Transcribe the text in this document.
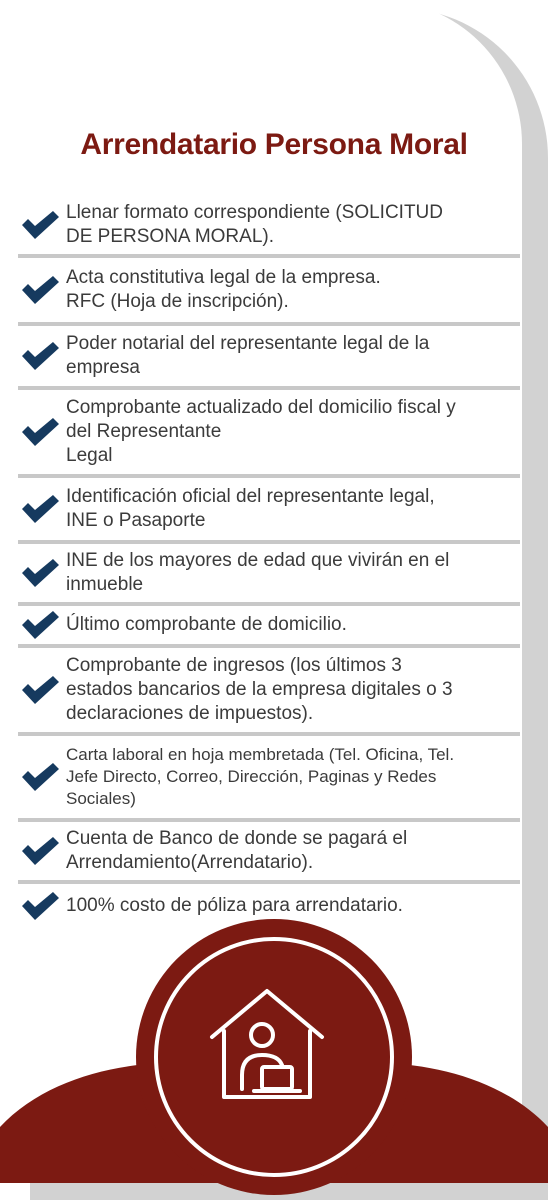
Arrendatario Persona Moral
Llenar formato correspondiente (SOLICITUD
DE PERSONA MORAL).
Acta constitutiva legal de la empresa.
RFC (Hoja de inscripción).
Poder notarial del representante legal de la
empresa
Comprobante actualizado del domicilio fiscal y
del Representante
Legal
Identificación oficial del representante legal,
INE o Pasaporte
INE de los mayores de edad que vivirán en el
inmueble
Último comprobante de domicilio.
Comprobante de ingresos (los últimos 3
estados bancarios de la empresa digitales o 3
declaraciones de impuestos).
Carta laboral en hoja membretada (Tel. Oficina, Tel.
Jefe Directo, Correo, Dirección, Paginas y Redes
Sociales)
Cuenta de Banco de donde se pagará el
Arrendamiento(Arrendatario).
100% costo de póliza para arrendatario.
